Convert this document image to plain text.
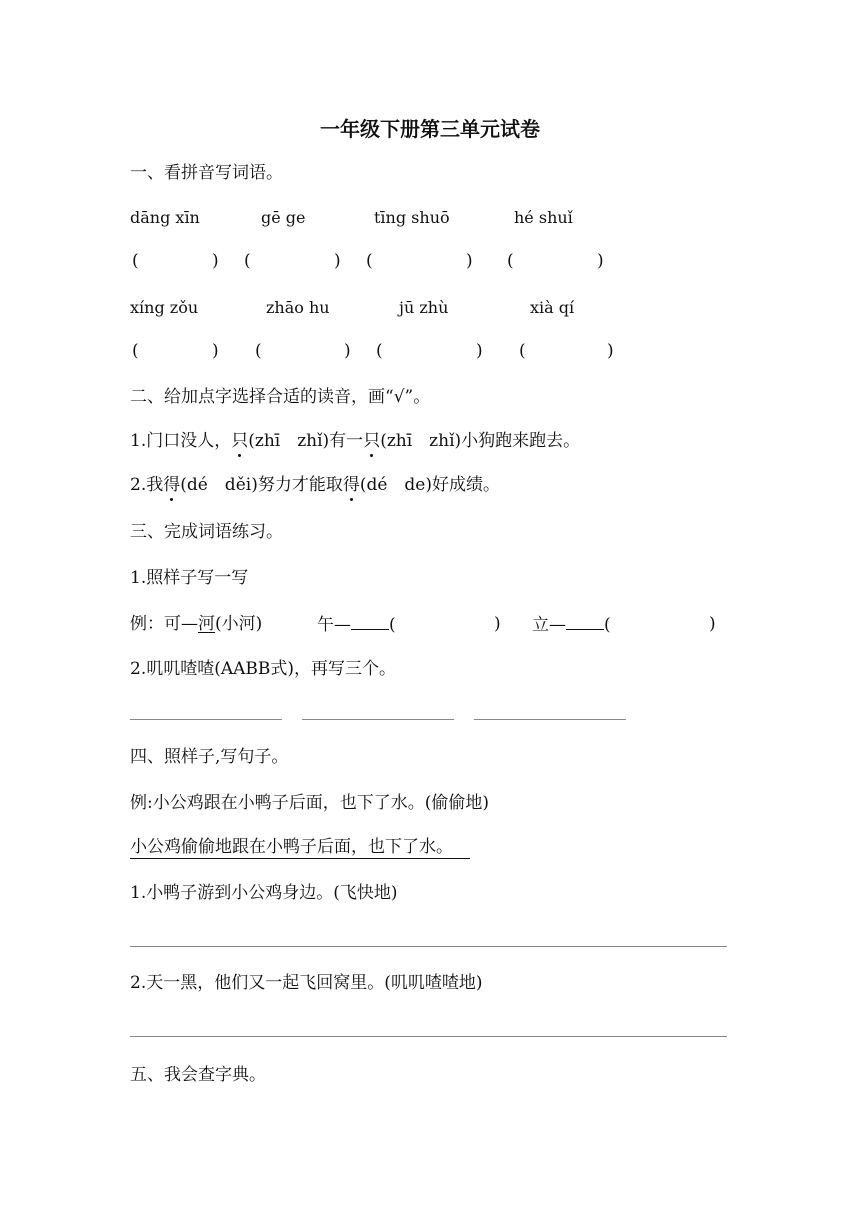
一年级下册第三单元试卷
一、看拼音写词语。
dāng xīn	gē ge	tīng shuō	hé shuǐ
(	) (	) (	) (	)
xíng zǒu	zhāo hu	jū zhù	xià qí
(	) (	) (	) (	)
二、给加点字选择合适的读音，画“√”。
1.门口没人，只(zhī　zhǐ)有一只(zhī　zhǐ)小狗跑来跑去。
2.我得(dé　děi)努力才能取得(dé　de)好成绩。
三、完成词语练习。
1.照样子写一写
例：可—河(小河)	午— (	) 立— (	)
2.叽叽喳喳(AABB式)，再写三个。
四、照样子,写句子。
例:小公鸡跟在小鸭子后面，也下了水。(偷偷地)
小公鸡偷偷地跟在小鸭子后面，也下了水。 
1.小鸭子游到小公鸡身边。(飞快地)
2.天一黑，他们又一起飞回窝里。(叽叽喳喳地)
五、我会查字典。
